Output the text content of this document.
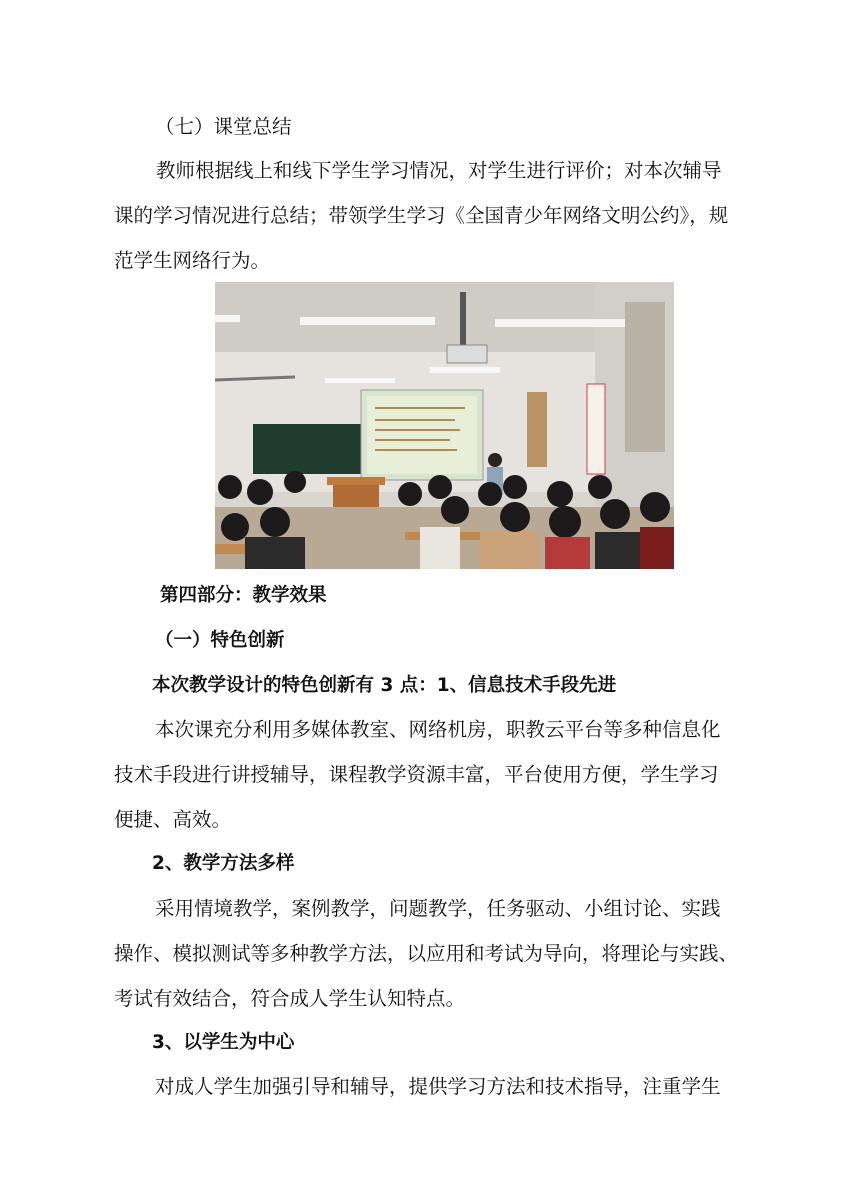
（七）课堂总结
教师根据线上和线下学生学习情况，对学生进行评价；对本次辅导
课的学习情况进行总结；带领学生学习《全国青少年网络文明公约》，规
范学生网络行为。
第四部分：教学效果
（一）特色创新
本次教学设计的特色创新有 3 点：1、信息技术手段先进
本次课充分利用多媒体教室、网络机房，职教云平台等多种信息化
技术手段进行讲授辅导，课程教学资源丰富，平台使用方便，学生学习
便捷、高效。
2、教学方法多样
采用情境教学，案例教学，问题教学，任务驱动、小组讨论、实践
操作、模拟测试等多种教学方法，以应用和考试为导向，将理论与实践、
考试有效结合，符合成人学生认知特点。
3、以学生为中心
对成人学生加强引导和辅导，提供学习方法和技术指导，注重学生
